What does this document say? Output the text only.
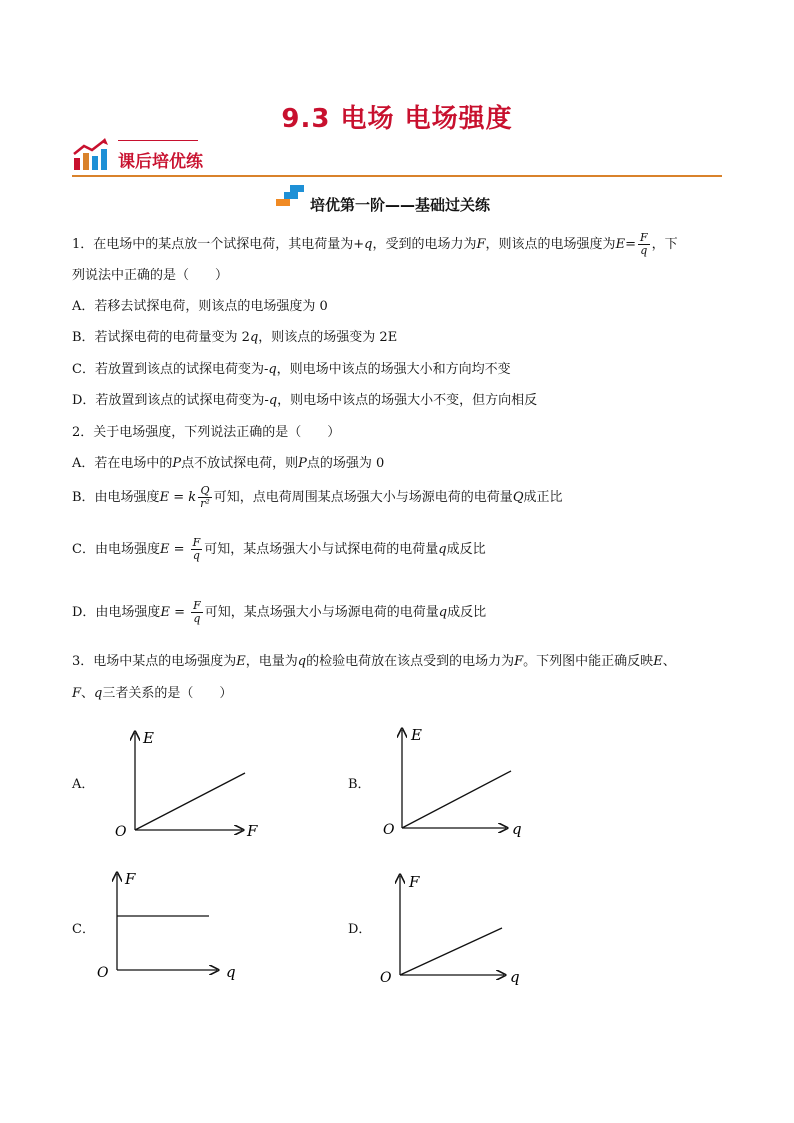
9.3 电场 电场强度
课后培优练
培优第一阶——基础过关练
1．在电场中的某点放一个试探电荷，其电荷量为+q，受到的电场力为F，则该点的电场强度为$E= \frac{F}{q}$ ，下
列说法中正确的是（　　）
A．若移去试探电荷，则该点的电场强度为 0
B．若试探电荷的电荷量变为 2q，则该点的场强变为 2E
C．若放置到该点的试探电荷变为-q，则电场中该点的场强大小和方向均不变
D．若放置到该点的试探电荷变为-q，则电场中该点的场强大小不变，但方向相反
2．关于电场强度，下列说法正确的是（　　）
A．若在电场中的P点不放试探电荷，则P点的场强为 0
B．由电场强度E = k $\frac{Q}{\text{r²}}$ 可知，点电荷周围某点场强大小与场源电荷的电荷量Q成正比
C．由电场强度$E = \frac{F}{q}$ 可知，某点场强大小与试探电荷的电荷量q成反比
D．由电场强度$E = \frac{F}{q}$ 可知，某点场强大小与场源电荷的电荷量q成反比
3．电场中某点的电场强度为E，电量为q的检验电荷放在该点受到的电场力为F。下列图中能正确反映E、
F、q三者关系的是（　　）
A．
E
F
O
B．
E
q
O
C．
F
q
O
D．
F
q
O
